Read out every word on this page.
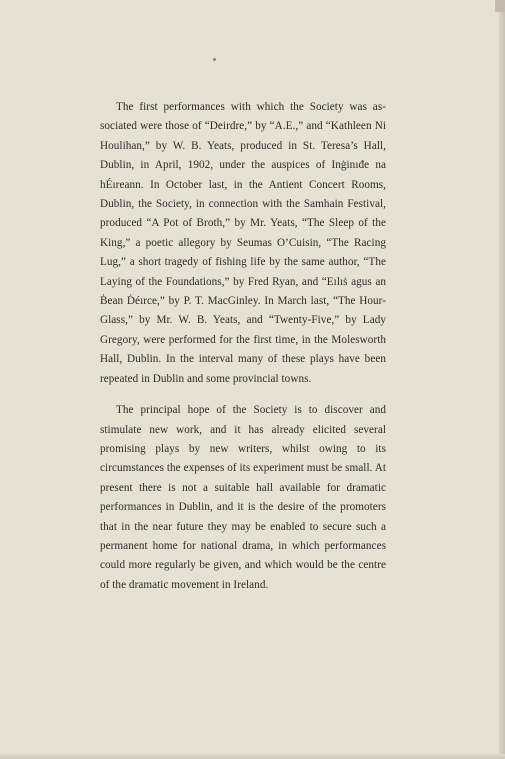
The first performances with which the Society was as-sociated were those of “Deirdre,” by “A.E.,” and “Kathleen Ni Houlihan,” by W. B. Yeats, produced in St. Teresa’s Hall, Dublin, in April, 1902, under the auspices of Inġinıđe na hÉıreann. In October last, in the Antient Concert Rooms, Dublin, the Society, in connection with the Samhain Festival, produced “A Pot of Broth,” by Mr. Yeats, “The Sleep of the King,” a poetic allegory by Seumas O’Cuisin, “The Racing Lug,” a short tragedy of fishing life by the same author, “The Laying of the Foundations,” by Fred Ryan, and “Eılıṡ agus an Ḃean Ḋéırce,” by P. T. MacGinley. In March last, “The Hour-Glass,” by Mr. W. B. Yeats, and “Twenty-Five,” by Lady Gregory, were performed for the first time, in the Molesworth Hall, Dublin. In the interval many of these plays have been repeated in Dublin and some provincial towns.

The principal hope of the Society is to discover and stimulate new work, and it has already elicited several promising plays by new writers, whilst owing to its circumstances the expenses of its experiment must be small. At present there is not a suitable hall available for dramatic performances in Dublin, and it is the desire of the promoters that in the near future they may be enabled to secure such a permanent home for national drama, in which performances could more regularly be given, and which would be the centre of the dramatic movement in Ireland.
